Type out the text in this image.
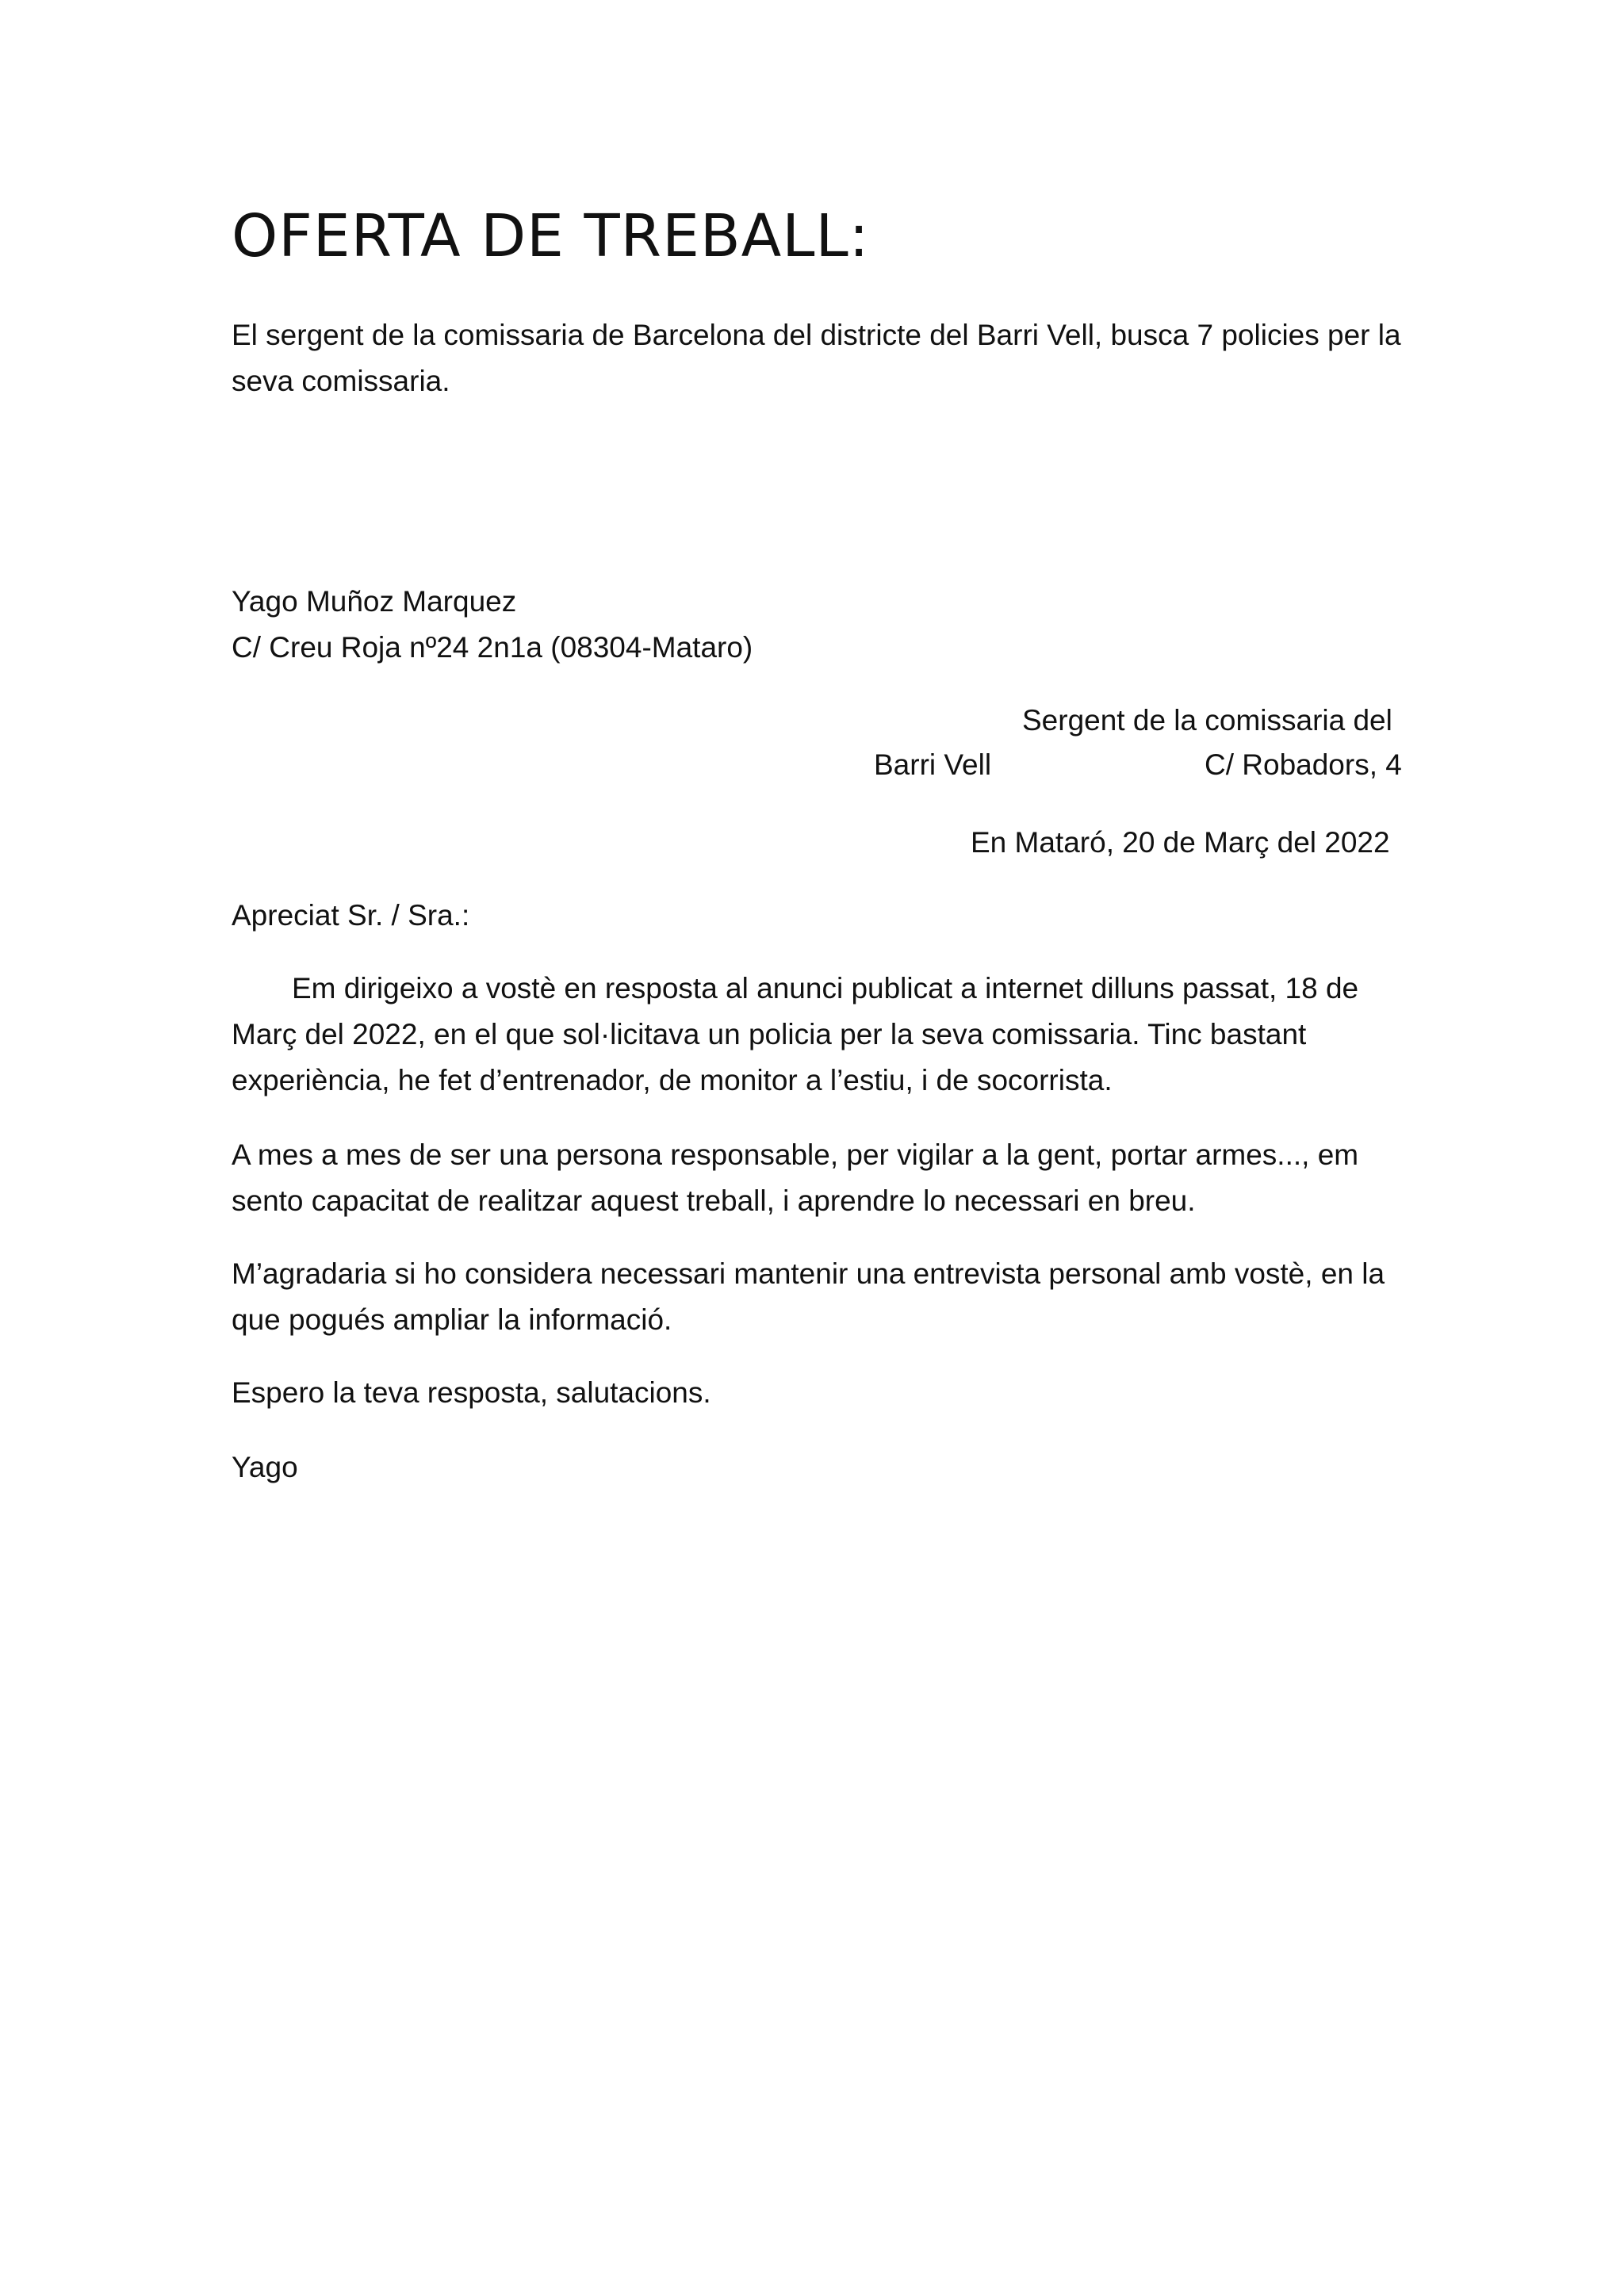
OFERTA DE TREBALL:

El sergent de la comissaria de Barcelona del districte del Barri Vell, busca 7 policies per la seva comissaria.

Yago Muñoz Marquez
C/ Creu Roja nº24 2n1a (08304-Mataro)
Sergent de la comissaria del
Barri Vell	C/ Robadors, 4
En Mataró, 20 de Març del 2022

Apreciat Sr. / Sra.:

Em dirigeixo a vostè en resposta al anunci publicat a internet dilluns passat, 18 de Març del 2022, en el que sol·licitava un policia per la seva comissaria. Tinc bastant experiència, he fet d’entrenador, de monitor a l’estiu, i de socorrista.

A mes a mes de ser una persona responsable, per vigilar a la gent, portar armes..., em sento capacitat de realitzar aquest treball, i aprendre lo necessari en breu.

M’agradaria si ho considera necessari mantenir una entrevista personal amb vostè, en la que pogués ampliar la informació.

Espero la teva resposta, salutacions.

Yago
